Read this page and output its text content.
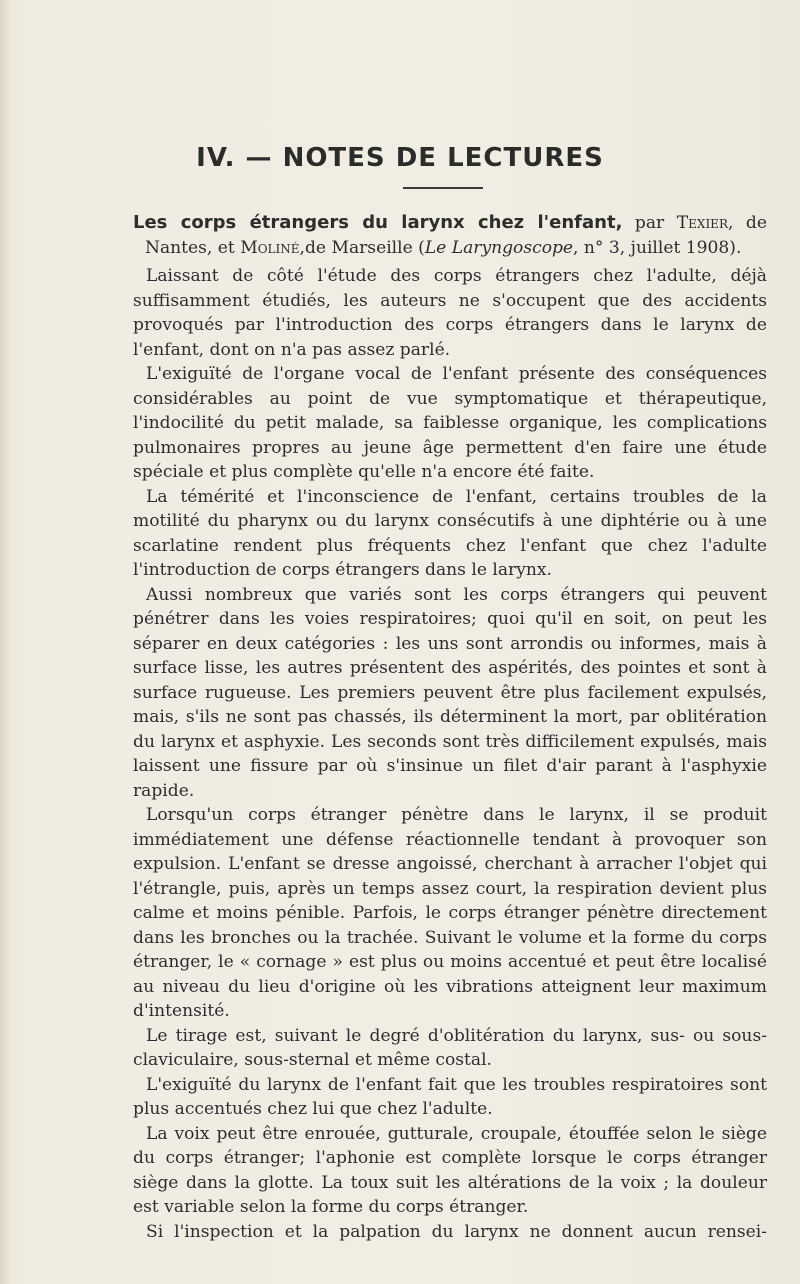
IV. — NOTES DE LECTURES

Les corps étrangers du larynx chez l'enfant, par Texier, de Nantes, et Moliné,de Marseille (Le Laryngoscope, n° 3, juillet 1908).

Laissant de côté l'étude des corps étrangers chez l'adulte, déjà suffisamment étudiés, les auteurs ne s'occupent que des accidents provoqués par l'introduction des corps étrangers dans le larynx de l'enfant, dont on n'a pas assez parlé.

L'exiguïté de l'organe vocal de l'enfant présente des conséquences considérables au point de vue symptomatique et thérapeutique, l'indocilité du petit malade, sa faiblesse organique, les complications pulmonaires propres au jeune âge permettent d'en faire une étude spéciale et plus complète qu'elle n'a encore été faite.

La témérité et l'inconscience de l'enfant, certains troubles de la motilité du pharynx ou du larynx consécutifs à une diphtérie ou à une scarlatine rendent plus fréquents chez l'enfant que chez l'adulte l'introduction de corps étrangers dans le larynx.

Aussi nombreux que variés sont les corps étrangers qui peuvent pénétrer dans les voies respiratoires; quoi qu'il en soit, on peut les séparer en deux catégories : les uns sont arrondis ou informes, mais à surface lisse, les autres présentent des aspérités, des pointes et sont à surface rugueuse. Les premiers peuvent être plus facilement expulsés, mais, s'ils ne sont pas chassés, ils déterminent la mort, par oblitération du larynx et asphyxie. Les seconds sont très difficilement expulsés, mais laissent une fissure par où s'insinue un filet d'air parant à l'asphyxie rapide.

Lorsqu'un corps étranger pénètre dans le larynx, il se produit immédiatement une défense réactionnelle tendant à provoquer son expulsion. L'enfant se dresse angoissé, cherchant à arracher l'objet qui l'étrangle, puis, après un temps assez court, la respiration devient plus calme et moins pénible. Parfois, le corps étranger pénètre directement dans les bronches ou la trachée. Suivant le volume et la forme du corps étranger, le « cornage » est plus ou moins accentué et peut être localisé au niveau du lieu d'origine où les vibrations atteignent leur maximum d'intensité.

Le tirage est, suivant le degré d'oblitération du larynx, sus- ou sous-claviculaire, sous-sternal et même costal.

L'exiguïté du larynx de l'enfant fait que les troubles respiratoires sont plus accentués chez lui que chez l'adulte.

La voix peut être enrouée, gutturale, croupale, étouffée selon le siège du corps étranger; l'aphonie est complète lorsque le corps étranger siège dans la glotte. La toux suit les altérations de la voix ; la douleur est variable selon la forme du corps étranger.

Si l'inspection et la palpation du larynx ne donnent aucun rensei-
